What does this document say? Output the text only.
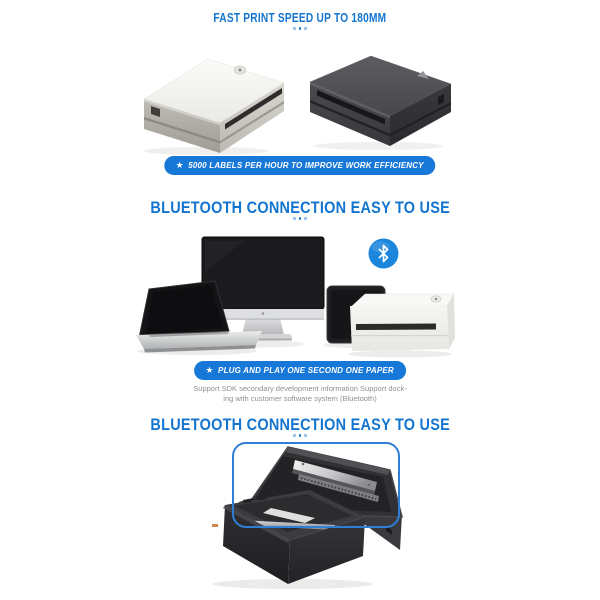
FAST PRINT SPEED UP TO 180MM
★ 5000 LABELS PER HOUR TO IMPROVE WORK EFFICIENCY
BLUETOOTH CONNECTION EASY TO USE
★ PLUG AND PLAY ONE SECOND ONE PAPER
Support SDK secondary development information Support dock-
ing with customer software system (Bluetooth)
BLUETOOTH CONNECTION EASY TO USE
